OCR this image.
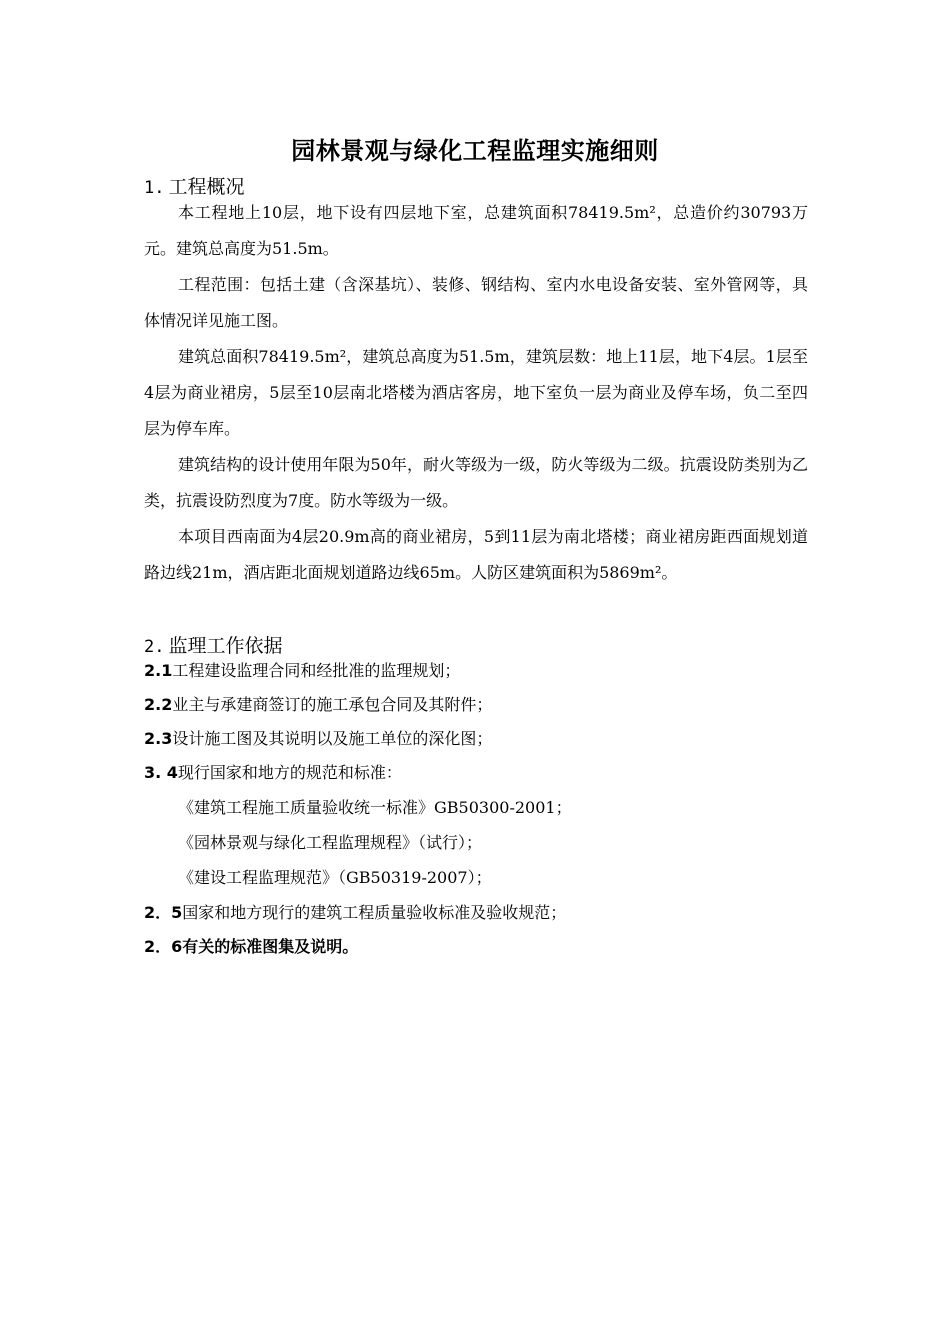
园林景观与绿化工程监理实施细则
1. 工程概况
本工程地上10层，地下设有四层地下室，总建筑面积78419.5m²，总造价约30793万元。建筑总高度为51.5m。
工程范围：包括土建（含深基坑）、装修、钢结构、室内水电设备安装、室外管网等，具体情况详见施工图。
建筑总面积78419.5m²，建筑总高度为51.5m，建筑层数：地上11层，地下4层。1层至4层为商业裙房，5层至10层南北塔楼为酒店客房，地下室负一层为商业及停车场，负二至四层为停车库。
建筑结构的设计使用年限为50年，耐火等级为一级，防火等级为二级。抗震设防类别为乙类，抗震设防烈度为7度。防水等级为一级。
本项目西南面为4层20.9m高的商业裙房，5到11层为南北塔楼；商业裙房距西面规划道路边线21m，酒店距北面规划道路边线65m。人防区建筑面积为5869m²。
2. 监理工作依据
2.1工程建设监理合同和经批准的监理规划；
2.2业主与承建商签订的施工承包合同及其附件；
2.3设计施工图及其说明以及施工单位的深化图；
3. 4现行国家和地方的规范和标准：
《建筑工程施工质量验收统一标准》GB50300-2001；
《园林景观与绿化工程监理规程》（试行）；
《建设工程监理规范》（GB50319-2007）；
2．5国家和地方现行的建筑工程质量验收标准及验收规范；
2．6有关的标准图集及说明。
